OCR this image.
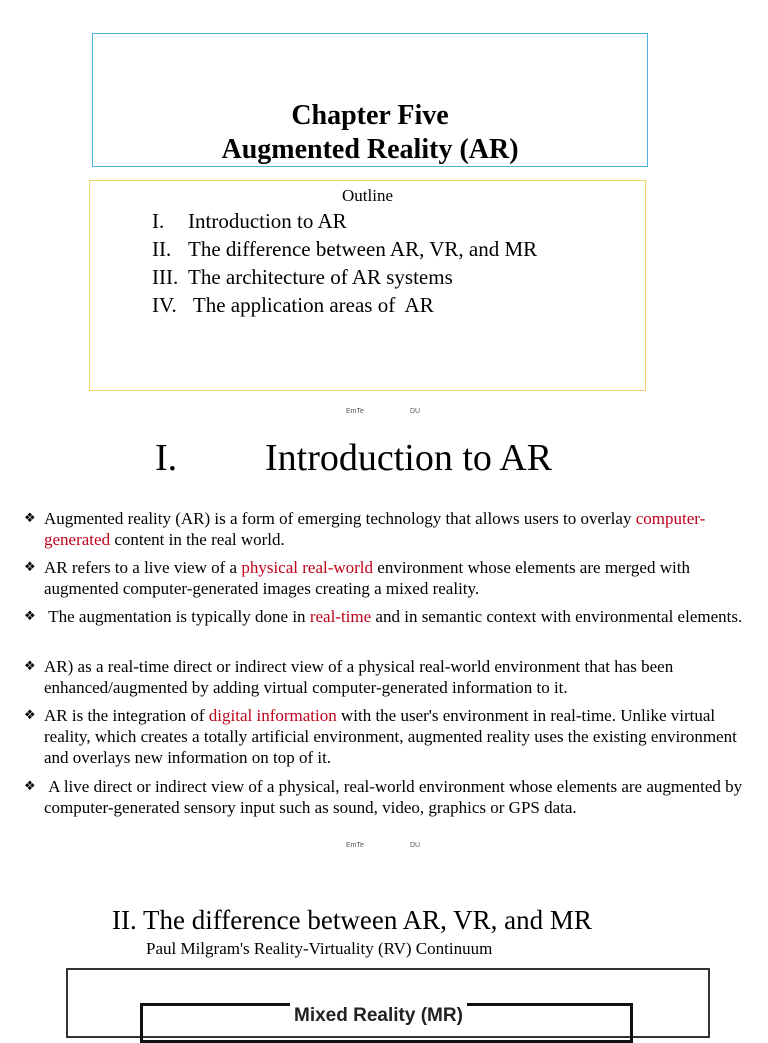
Chapter Five
Augmented Reality (AR)
Outline
I. Introduction to AR
II. The difference between AR, VR, and MR
III. The architecture of AR systems
IV. The application areas of  AR
EmTe	DU
I. Introduction to AR
❖ Augmented reality (AR) is a form of emerging technology that allows users to overlay computer-generated content in the real world.
❖ AR refers to a live view of a physical real-world environment whose elements are merged with augmented computer-generated images creating a mixed reality.
❖ The augmentation is typically done in real-time and in semantic context with environmental elements.
❖ AR) as a real-time direct or indirect view of a physical real-world environment that has been enhanced/augmented by adding virtual computer-generated information to it.
❖ AR is the integration of digital information with the user's environment in real-time. Unlike virtual reality, which creates a totally artificial environment, augmented reality uses the existing environment and overlays new information on top of it.
❖ A live direct or indirect view of a physical, real-world environment whose elements are augmented by computer-generated sensory input such as sound, video, graphics or GPS data.
EmTe	DU
II. The difference between AR, VR, and MR
Paul Milgram's Reality-Virtuality (RV) Continuum
Mixed Reality (MR)
